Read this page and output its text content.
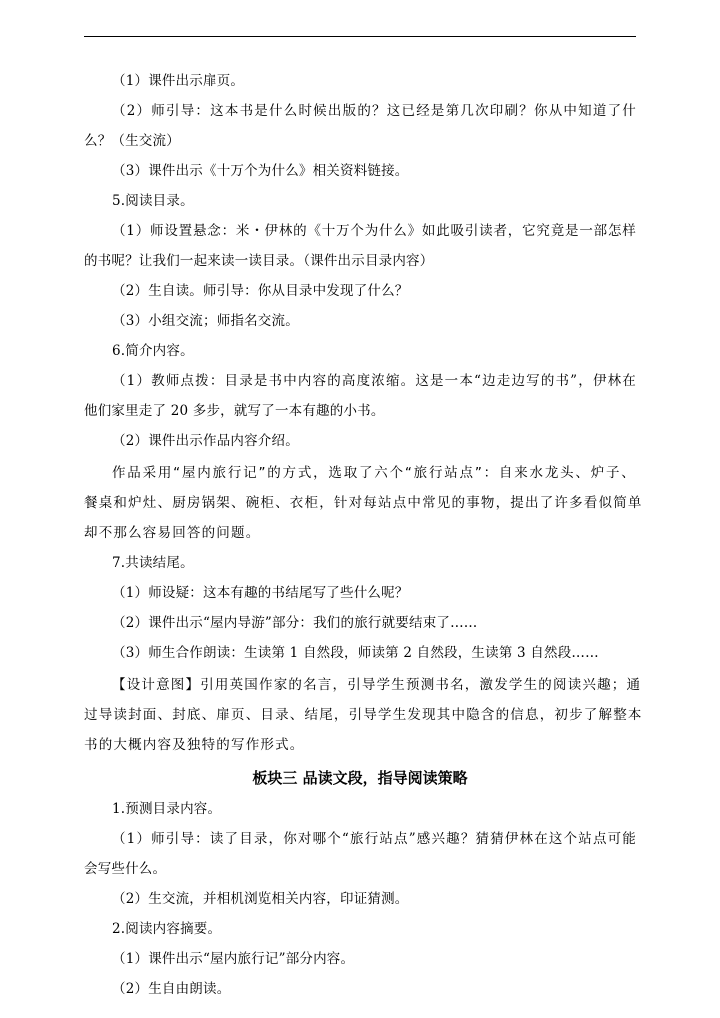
（1）课件出示扉页。
（2）师引导：这本书是什么时候出版的？这已经是第几次印刷？你从中知道了什
么？（生交流）
（3）课件出示《十万个为什么》相关资料链接。
5.阅读目录。
（1）师设置悬念：米・伊林的《十万个为什么》如此吸引读者，它究竟是一部怎样
的书呢？让我们一起来读一读目录。（课件出示目录内容）
（2）生自读。师引导：你从目录中发现了什么？
（3）小组交流；师指名交流。
6.简介内容。
（1）教师点拨：目录是书中内容的高度浓缩。这是一本“边走边写的书”，伊林在
他们家里走了 20 多步，就写了一本有趣的小书。
（2）课件出示作品内容介绍。
作品采用“屋内旅行记”的方式，选取了六个“旅行站点”：自来水龙头、炉子、
餐桌和炉灶、厨房锅架、碗柜、衣柜，针对每站点中常见的事物，提出了许多看似简单
却不那么容易回答的问题。
7.共读结尾。
（1）师设疑：这本有趣的书结尾写了些什么呢？
（2）课件出示“屋内导游”部分：我们的旅行就要结束了……
（3）师生合作朗读：生读第 1 自然段，师读第 2 自然段，生读第 3 自然段……
【设计意图】引用英国作家的名言，引导学生预测书名，激发学生的阅读兴趣；通
过导读封面、封底、扉页、目录、结尾，引导学生发现其中隐含的信息，初步了解整本
书的大概内容及独特的写作形式。
板块三 品读文段，指导阅读策略
1.预测目录内容。
（1）师引导：读了目录，你对哪个“旅行站点”感兴趣？猜猜伊林在这个站点可能
会写些什么。
（2）生交流，并相机浏览相关内容，印证猜测。
2.阅读内容摘要。
（1）课件出示“屋内旅行记”部分内容。
（2）生自由朗读。
